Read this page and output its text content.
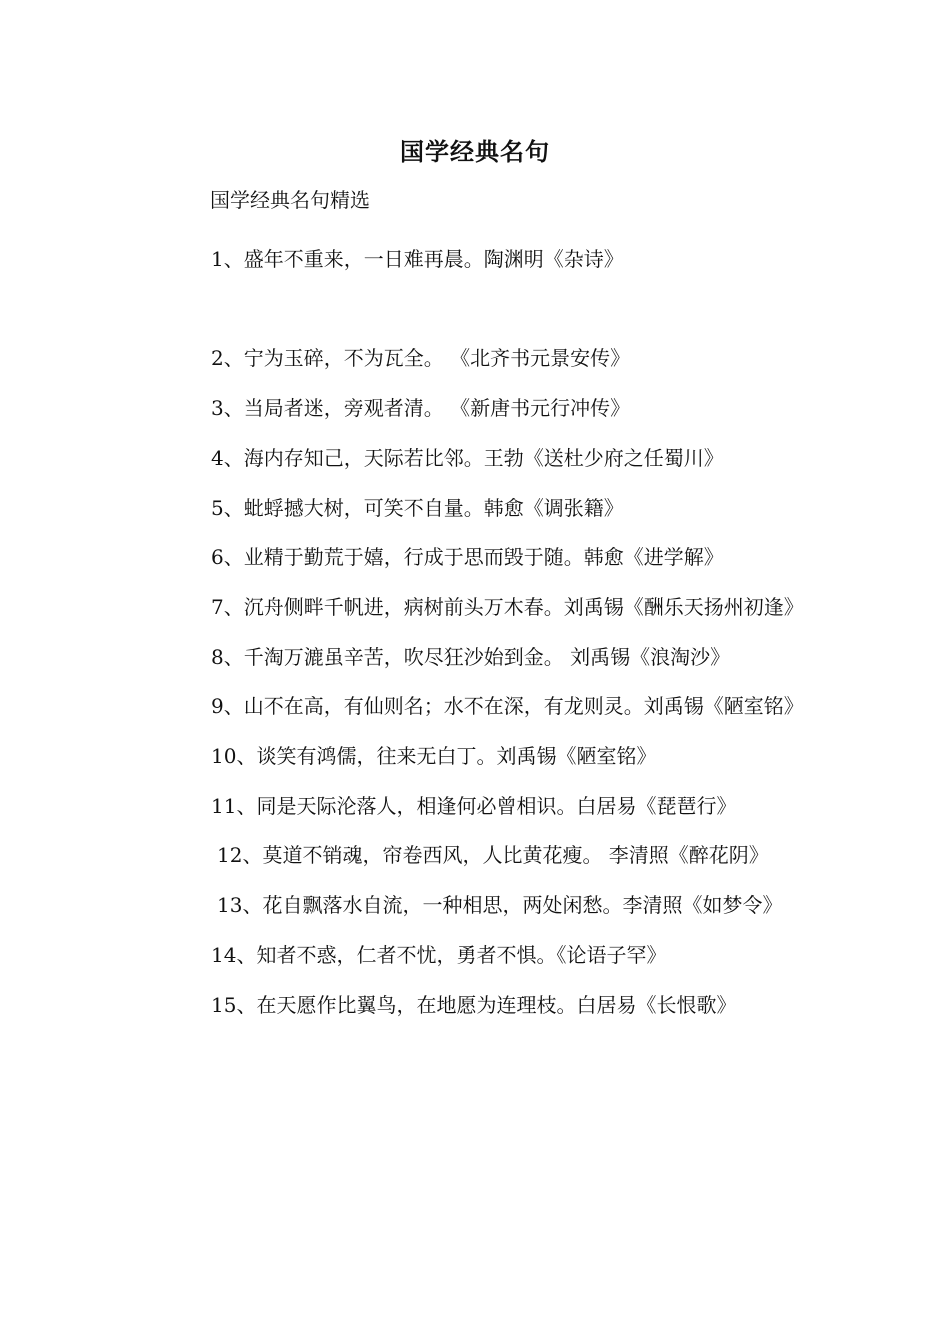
国学经典名句
国学经典名句精选

1、盛年不重来，一日难再晨。陶渊明《杂诗》

2、宁为玉碎，不为瓦全。 《北齐书元景安传》

3、当局者迷，旁观者清。 《新唐书元行冲传》

4、海内存知己，天际若比邻。王勃《送杜少府之任蜀川》

5、蚍蜉撼大树，可笑不自量。韩愈《调张籍》

6、业精于勤荒于嬉，行成于思而毁于随。韩愈《进学解》

7、沉舟侧畔千帆进，病树前头万木春。刘禹锡《酬乐天扬州初逢》

8、千淘万漉虽辛苦，吹尽狂沙始到金。 刘禹锡《浪淘沙》

9、山不在高，有仙则名；水不在深，有龙则灵。刘禹锡《陋室铭》

10、谈笑有鸿儒，往来无白丁。刘禹锡《陋室铭》

11、同是天际沦落人，相逢何必曾相识。白居易《琵琶行》

12、莫道不销魂，帘卷西风，人比黄花瘦。 李清照《醉花阴》

13、花自飘落水自流，一种相思，两处闲愁。李清照《如梦令》

14、知者不惑，仁者不忧，勇者不惧。《论语子罕》

15、在天愿作比翼鸟，在地愿为连理枝。白居易《长恨歌》
